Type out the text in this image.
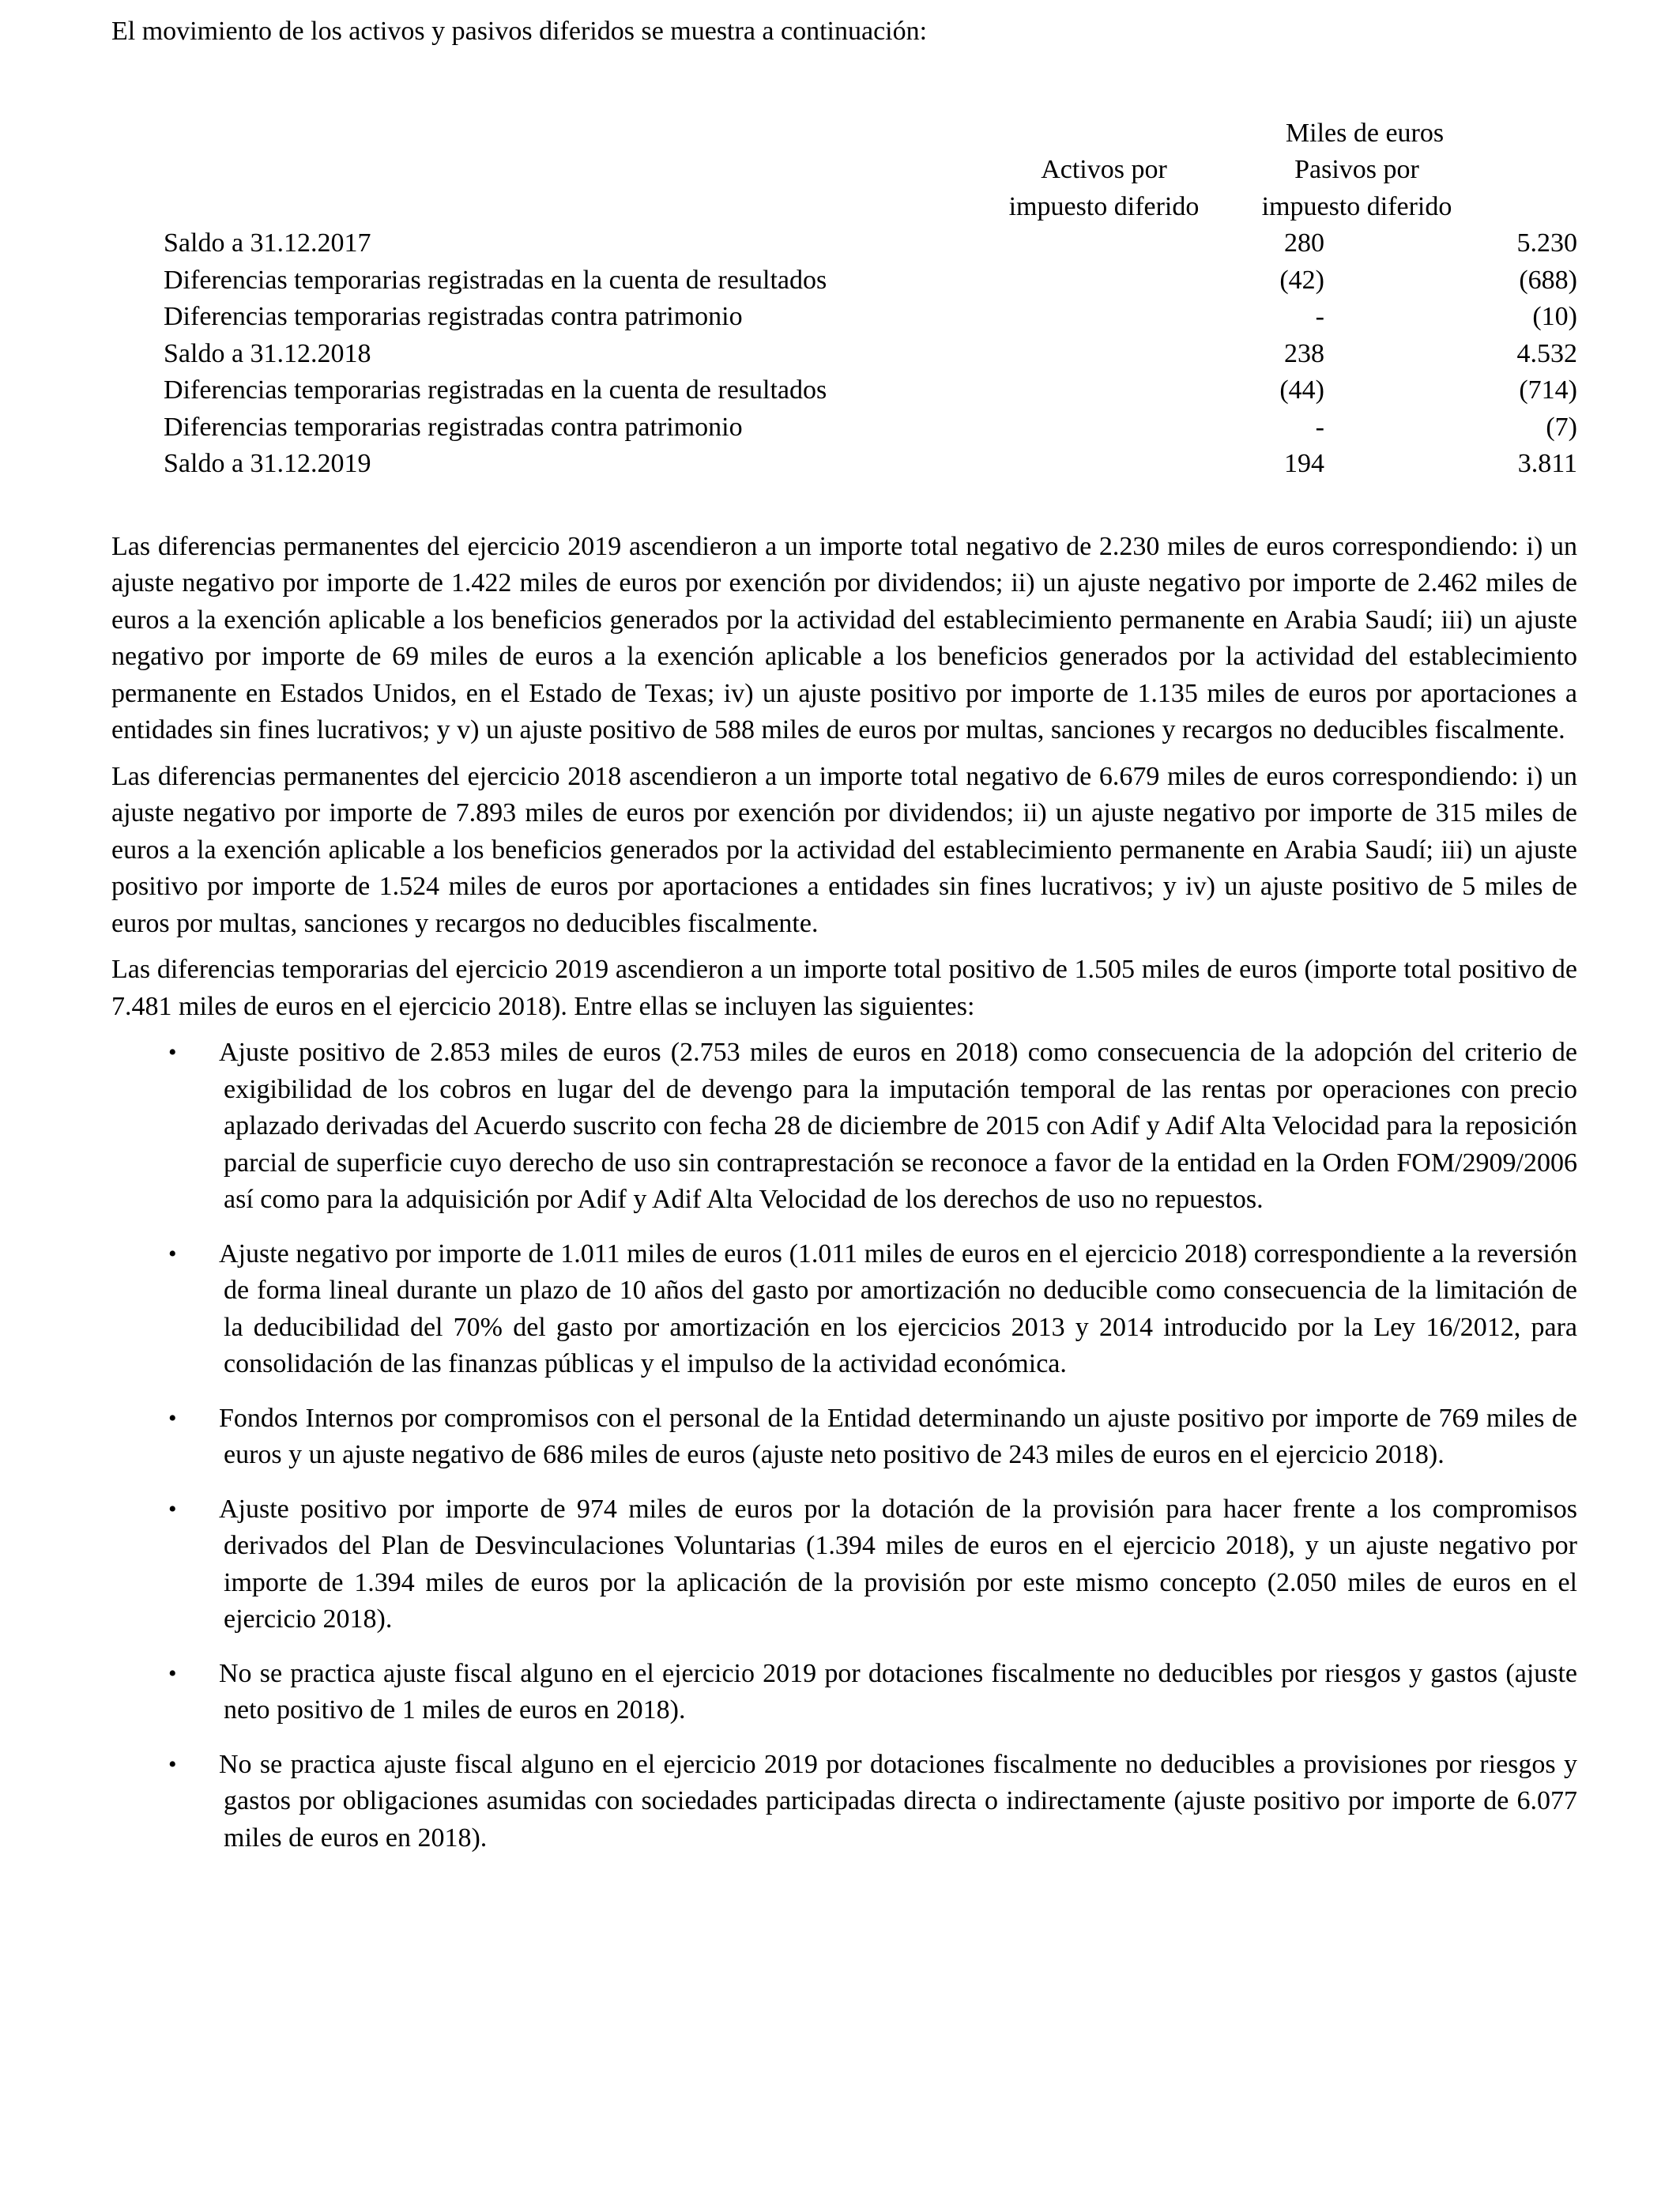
El movimiento de los activos y pasivos diferidos se muestra a continuación:

Miles de euros
Activos por	Pasivos por
impuesto diferido	impuesto diferido
Saldo a 31.12.2017	280	5.230
Diferencias temporarias registradas en la cuenta de resultados	(42)	(688)
Diferencias temporarias registradas contra patrimonio	-	(10)
Saldo a 31.12.2018	238	4.532
Diferencias temporarias registradas en la cuenta de resultados	(44)	(714)
Diferencias temporarias registradas contra patrimonio	-	(7)
Saldo a 31.12.2019	194	3.811

Las diferencias permanentes del ejercicio 2019 ascendieron a un importe total negativo de 2.230 miles de euros correspondiendo: i) un ajuste negativo por importe de 1.422 miles de euros por exención por dividendos; ii) un ajuste negativo por importe de 2.462 miles de euros a la exención aplicable a los beneficios generados por la actividad del establecimiento permanente en Arabia Saudí; iii) un ajuste negativo por importe de 69 miles de euros a la exención aplicable a los beneficios generados por la actividad del establecimiento permanente en Estados Unidos, en el Estado de Texas; iv) un ajuste positivo por importe de 1.135 miles de euros por aportaciones a entidades sin fines lucrativos; y v) un ajuste positivo de 588 miles de euros por multas, sanciones y recargos no deducibles fiscalmente.

Las diferencias permanentes del ejercicio 2018 ascendieron a un importe total negativo de 6.679 miles de euros correspondiendo: i) un ajuste negativo por importe de 7.893 miles de euros por exención por dividendos; ii) un ajuste negativo por importe de 315 miles de euros a la exención aplicable a los beneficios generados por la actividad del establecimiento permanente en Arabia Saudí; iii) un ajuste positivo por importe de 1.524 miles de euros por aportaciones a entidades sin fines lucrativos; y iv) un ajuste positivo de 5 miles de euros por multas, sanciones y recargos no deducibles fiscalmente.

Las diferencias temporarias del ejercicio 2019 ascendieron a un importe total positivo de 1.505 miles de euros (importe total positivo de 7.481 miles de euros en el ejercicio 2018). Entre ellas se incluyen las siguientes:

• Ajuste positivo de 2.853 miles de euros (2.753 miles de euros en 2018) como consecuencia de la adopción del criterio de exigibilidad de los cobros en lugar del de devengo para la imputación temporal de las rentas por operaciones con precio aplazado derivadas del Acuerdo suscrito con fecha 28 de diciembre de 2015 con Adif y Adif Alta Velocidad para la reposición parcial de superficie cuyo derecho de uso sin contraprestación se reconoce a favor de la entidad en la Orden FOM/2909/2006 así como para la adquisición por Adif y Adif Alta Velocidad de los derechos de uso no repuestos.
• Ajuste negativo por importe de 1.011 miles de euros (1.011 miles de euros en el ejercicio 2018) correspondiente a la reversión de forma lineal durante un plazo de 10 años del gasto por amortización no deducible como consecuencia de la limitación de la deducibilidad del 70% del gasto por amortización en los ejercicios 2013 y 2014 introducido por la Ley 16/2012, para consolidación de las finanzas públicas y el impulso de la actividad económica.
• Fondos Internos por compromisos con el personal de la Entidad determinando un ajuste positivo por importe de 769 miles de euros y un ajuste negativo de 686 miles de euros (ajuste neto positivo de 243 miles de euros en el ejercicio 2018).
• Ajuste positivo por importe de 974 miles de euros por la dotación de la provisión para hacer frente a los compromisos derivados del Plan de Desvinculaciones Voluntarias (1.394 miles de euros en el ejercicio 2018), y un ajuste negativo por importe de 1.394 miles de euros por la aplicación de la provisión por este mismo concepto (2.050 miles de euros en el ejercicio 2018).
• No se practica ajuste fiscal alguno en el ejercicio 2019 por dotaciones fiscalmente no deducibles por riesgos y gastos (ajuste neto positivo de 1 miles de euros en 2018).
• No se practica ajuste fiscal alguno en el ejercicio 2019 por dotaciones fiscalmente no deducibles a provisiones por riesgos y gastos por obligaciones asumidas con sociedades participadas directa o indirectamente (ajuste positivo por importe de 6.077 miles de euros en 2018).
